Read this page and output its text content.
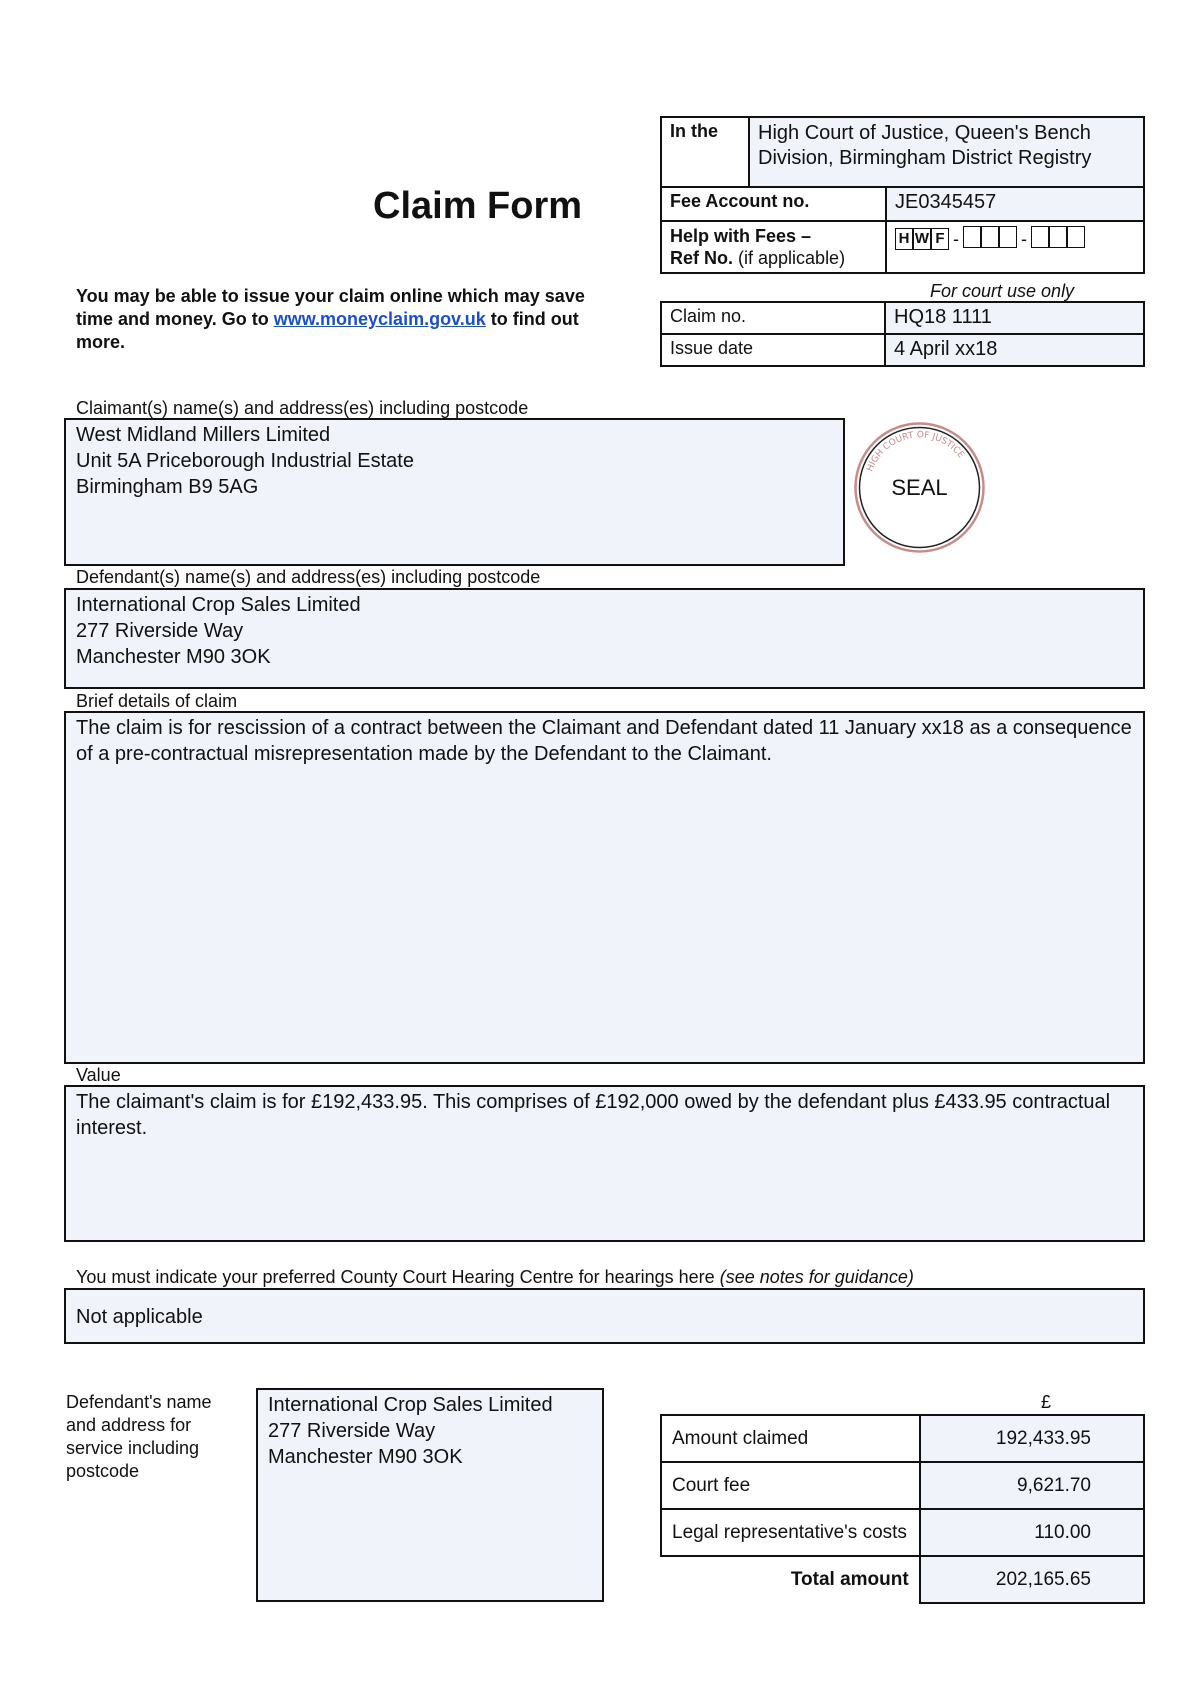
In the	High Court of Justice, Queen's Bench Division, Birmingham District Registry	
Fee Account no.		JE0345457
Help with Fees –
Ref No. (if applicable)		H W F - -
Claim Form
You may be able to issue your claim online which may save time and money. Go to www.moneyclaim.gov.uk to find out more.
For court use only
Claim no.	HQ18 1111
Issue date	4 April xx18
Claimant(s) name(s) and address(es) including postcode
West Midland Millers Limited
Unit 5A Priceborough Industrial Estate
Birmingham B9 5AG
HIGH COURT OF JUSTICE
SEAL
Defendant(s) name(s) and address(es) including postcode
International Crop Sales Limited
277 Riverside Way
Manchester M90 3OK
Brief details of claim
The claim is for rescission of a contract between the Claimant and Defendant dated 11 January xx18 as a consequence of a pre-contractual misrepresentation made by the Defendant to the Claimant.
Value
The claimant's claim is for £192,433.95. This comprises of £192,000 owed by the defendant plus £433.95 contractual interest.
You must indicate your preferred County Court Hearing Centre for hearings here (see notes for guidance)
Not applicable
Defendant's name and address for service including postcode
International Crop Sales Limited
277 Riverside Way
Manchester M90 3OK
£
Amount claimed	192,433.95
Court fee	9,621.70
Legal representative's costs	110.00
Total amount	202,165.65
